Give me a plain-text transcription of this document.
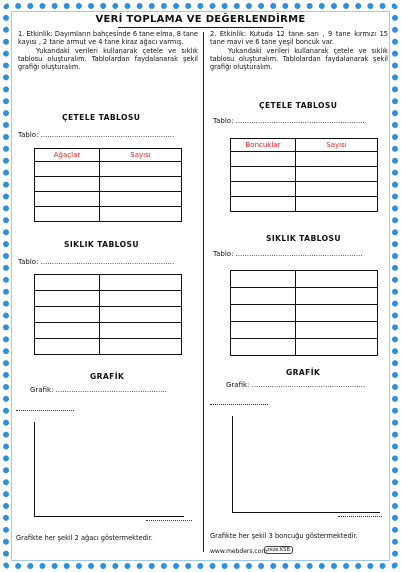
VERİ TOPLAMA VE DEĞERLENDİRME

1. Etkinlik: Dayımların bahçesinde 6 tane elma, 8 tane kayısı , 2 tane armut ve 4 tane kiraz ağacı varmış.

Yukarıdaki verileri kullanarak çetele ve sıklık tablosu oluşturalım. Tablolardan faydalanarak şekil grafiği oluşturalım.

ÇETELE TABLOSU
Tablo: ............................................................
Ağaçlar	Sayısı

SIKLIK TABLOSU
Tablo: ............................................................

GRAFİK
Grafik: ..................................................
Grafikte her şekil 2 ağacı göstermektedir.

2. Etkinlik: Kutuda 12 tane sarı , 9 tane kırmızı 15 tane mavi ve 6 tane yeşil boncuk var.

Yukarıdaki verileri kullanarak çetele ve sıklık tablosu oluşturalım. Tablolardan faydalanarak şekil grafiği oluşturalım.

ÇETELE TABLOSU
Tablo: ..........................................................
Boncuklar	Sayısı

SIKLIK TABLOSU
Tablo: .........................................................

GRAFİK
Grafik: ...................................................
Grafikte her şekil 3 boncuğu göstermektedir.
www.mebders.com zeze.KSB
